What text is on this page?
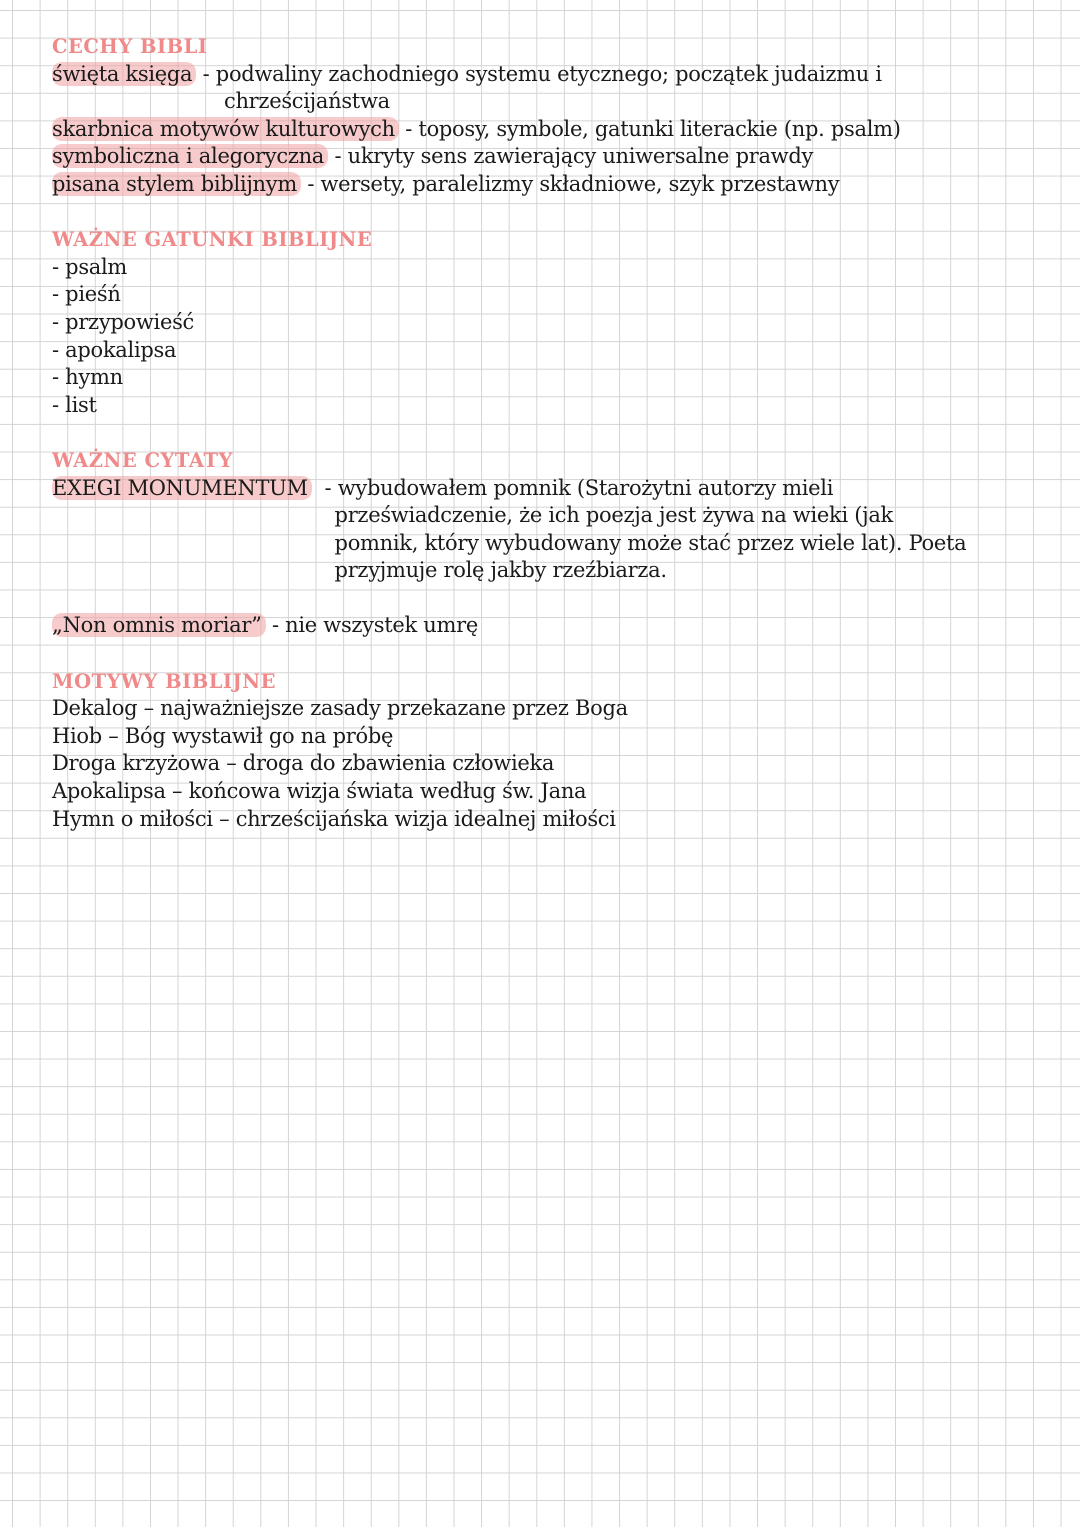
CECHY BIBLI
święta księga - podwaliny zachodniego systemu etycznego; początek judaizmu i
chrześcijaństwa
skarbnica motywów kulturowych - toposy, symbole, gatunki literackie (np. psalm)
symboliczna i alegoryczna - ukryty sens zawierający uniwersalne prawdy
pisana stylem biblijnym - wersety, paralelizmy składniowe, szyk przestawny
WAŻNE GATUNKI BIBLIJNE
- psalm
- pieśń
- przypowieść
- apokalipsa
- hymn
- list
WAŻNE CYTATY
EXEGI MONUMENTUM - wybudowałem pomnik (Starożytni autorzy mieli
przeświadczenie, że ich poezja jest żywa na wieki (jak
pomnik, który wybudowany może stać przez wiele lat). Poeta
przyjmuje rolę jakby rzeźbiarza.
„Non omnis moriar” - nie wszystek umrę
MOTYWY BIBLIJNE
Dekalog – najważniejsze zasady przekazane przez Boga
Hiob – Bóg wystawił go na próbę
Droga krzyżowa – droga do zbawienia człowieka
Apokalipsa – końcowa wizja świata według św. Jana
Hymn o miłości – chrześcijańska wizja idealnej miłości
